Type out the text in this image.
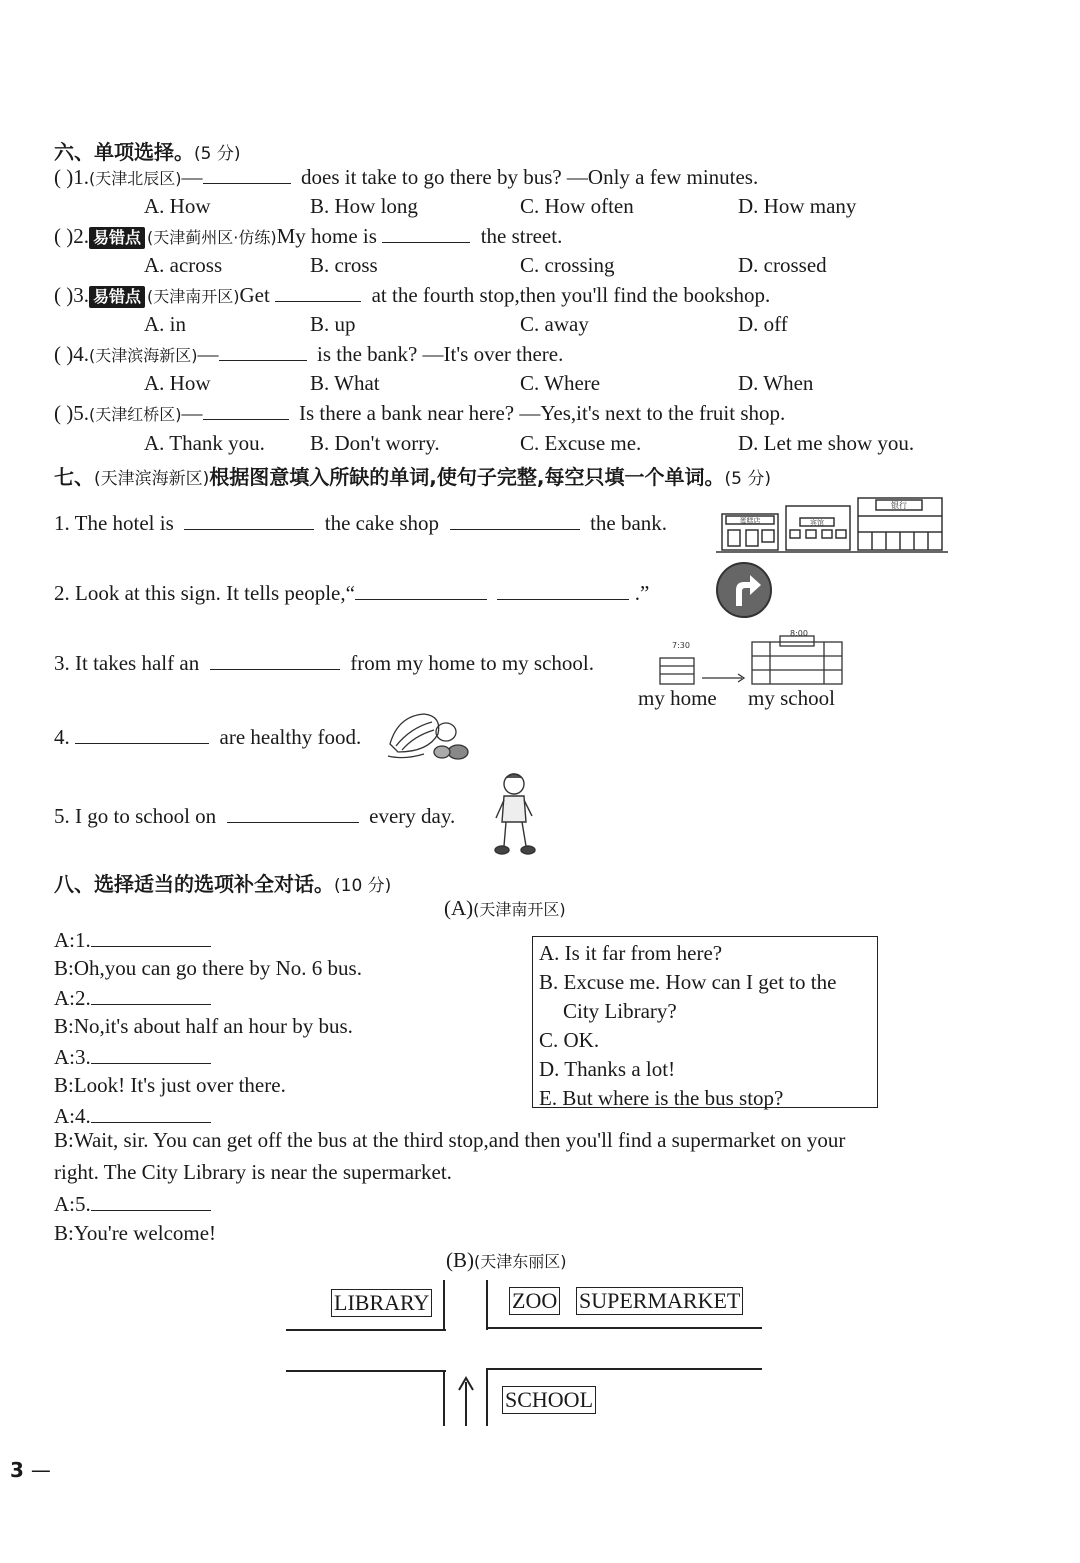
六、单项选择。(5 分)
( )1.(天津北辰区)—	does it take to go there by bus? —Only a few minutes.
A. How	B. How long	C. How often	D. How many
( )2. 易错点 (天津蓟州区·仿练)My home is	the street.
A. across	B. cross	C. crossing	D. crossed
( )3. 易错点 (天津南开区)Get	at the fourth stop,then you'll find the bookshop.
A. in	B. up	C. away	D. off
( )4.(天津滨海新区)—	is the bank? —It's over there.
A. How	B. What	C. Where	D. When
( )5.(天津红桥区)—	Is there a bank near here? —Yes,it's next to the fruit shop.
A. Thank you. B. Don't worry.	C. Excuse me.	D. Let me show you.
七、(天津滨海新区)根据图意填入所缺的单词,使句子完整,每空只填一个单词。(5 分)
1. The hotel is	the cake shop	the bank.	蛋糕店	宾馆
银行
2. Look at this sign. It tells people,“	.”
3. It takes half an	from my home to my school.
7:30
8:00
my home my school
4.	are healthy food.
5. I go to school on	every day.
八、选择适当的选项补全对话。(10 分)
(A)(天津南开区)
A:1.
B:Oh,you can go there by No. 6 bus.
A:2.
B:No,it's about half an hour by bus.
A:3.
B:Look! It's just over there.
A:4.
B:Wait, sir. You can get off the bus at the third stop,and then you'll find a supermarket on your
right. The City Library is near the supermarket.
A:5.
B:You're welcome!
A. Is it far from here?
B. Excuse me. How can I get to the
City Library?
C. OK.
D. Thanks a lot!
E. But where is the bus stop?
(B)(天津东丽区)
LIBRARY	ZOO SUPERMARKET
SCHOOL
3 —
